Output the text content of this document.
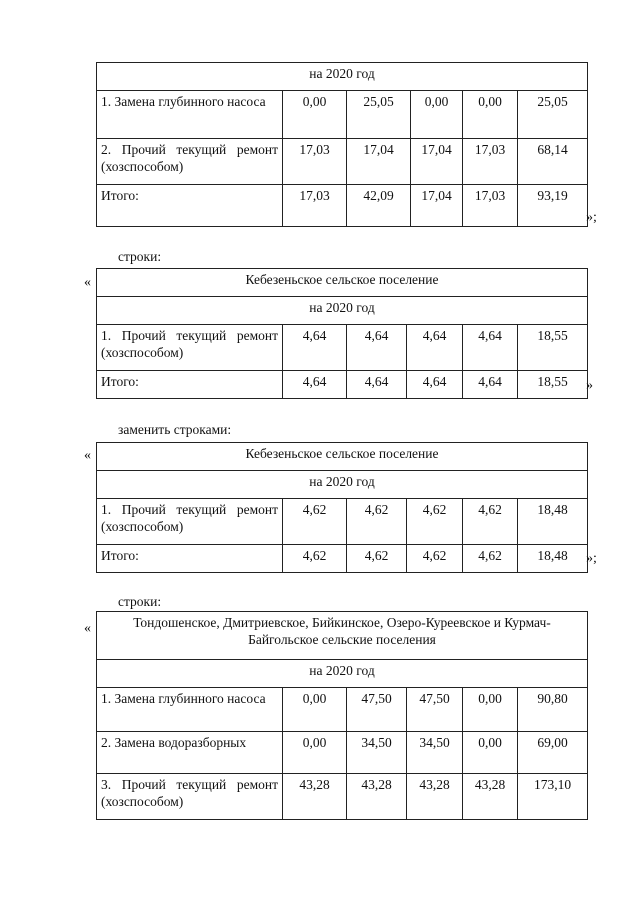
на 2020 год					
1. Замена глубинного насоса	0,00	25,05	0,00	0,00	25,05
2. Прочий текущий ремонт (хозспособом)	17,03	17,04	17,04	17,03	68,14
Итого:	17,03	42,09	17,04	17,03	93,19
»;
строки:
«	Кебезеньское сельское поселение					
на 2020 год					
1. Прочий текущий ремонт (хозспособом)	4,64	4,64	4,64	4,64	18,55
Итого:	4,64	4,64	4,64	4,64	18,55 »
заменить строками:
«	Кебезеньское сельское поселение					
на 2020 год					
1. Прочий текущий ремонт (хозспособом)	4,62	4,62	4,62	4,62	18,48
Итого:	4,62	4,62	4,62	4,62	18,48 »;
строки:
«	Тондошенское, Дмитриевское, Бийкинское, Озеро-Куреевское и Курмач-Байгольское сельские поселения					
на 2020 год					
1. Замена глубинного насоса	0,00	47,50	47,50	0,00	90,80
2. Замена водоразборных	0,00	34,50	34,50	0,00	69,00
3. Прочий текущий ремонт (хозспособом)	43,28	43,28	43,28	43,28	173,10
